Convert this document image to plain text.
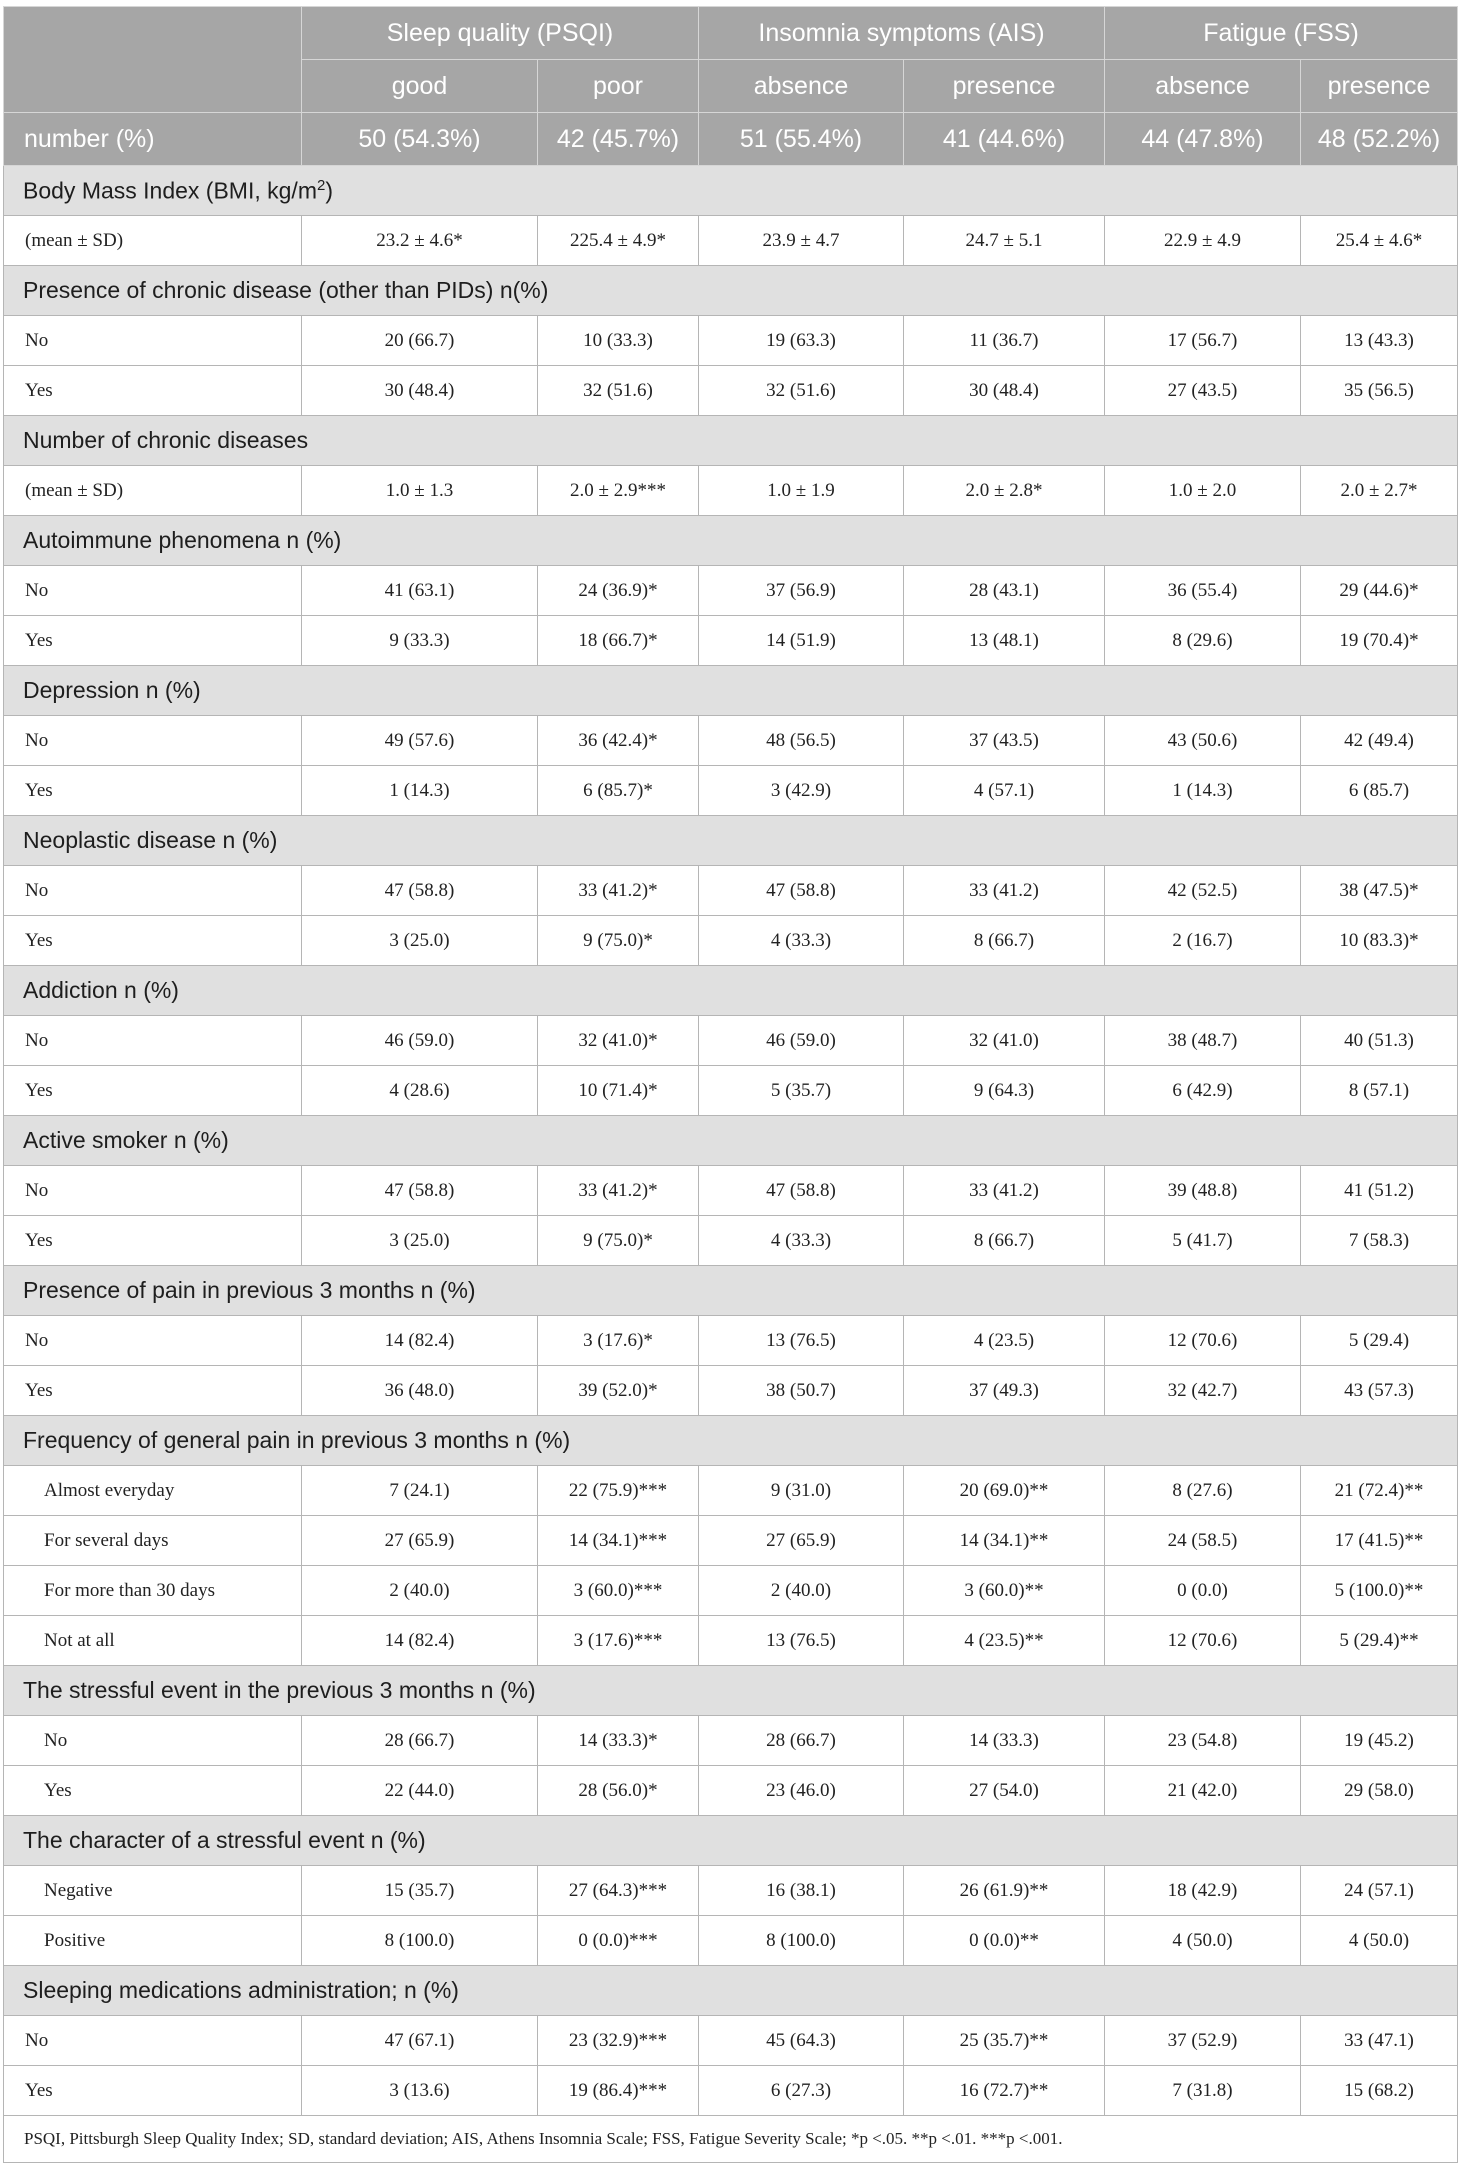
	Sleep quality (PSQI)		Insomnia symptoms (AIS)		Fatigue (FSS)	
	good	poor	absence	presence	absence	presence
number (%)	50 (54.3%)	42 (45.7%)	51 (55.4%)	41 (44.6%)	44 (47.8%)	48 (52.2%)
Body Mass Index (BMI, $kg/m^2$)						
(mean ± SD)	23.2 ± 4.6*	225.4 ± 4.9*	23.9 ± 4.7	24.7 ± 5.1	22.9 ± 4.9	25.4 ± 4.6*
Presence of chronic disease (other than PIDs) n(%)						
No	20 (66.7)	10 (33.3)	19 (63.3)	11 (36.7)	17 (56.7)	13 (43.3)
Yes	30 (48.4)	32 (51.6)	32 (51.6)	30 (48.4)	27 (43.5)	35 (56.5)
Number of chronic diseases						
(mean ± SD)	1.0 ± 1.3	2.0 ± 2.9***	1.0 ± 1.9	2.0 ± 2.8*	1.0 ± 2.0	2.0 ± 2.7*
Autoimmune phenomena n (%)						
No	41 (63.1)	24 (36.9)*	37 (56.9)	28 (43.1)	36 (55.4)	29 (44.6)*
Yes	9 (33.3)	18 (66.7)*	14 (51.9)	13 (48.1)	8 (29.6)	19 (70.4)*
Depression n (%)						
No	49 (57.6)	36 (42.4)*	48 (56.5)	37 (43.5)	43 (50.6)	42 (49.4)
Yes	1 (14.3)	6 (85.7)*	3 (42.9)	4 (57.1)	1 (14.3)	6 (85.7)
Neoplastic disease n (%)						
No	47 (58.8)	33 (41.2)*	47 (58.8)	33 (41.2)	42 (52.5)	38 (47.5)*
Yes	3 (25.0)	9 (75.0)*	4 (33.3)	8 (66.7)	2 (16.7)	10 (83.3)*
Addiction n (%)						
No	46 (59.0)	32 (41.0)*	46 (59.0)	32 (41.0)	38 (48.7)	40 (51.3)
Yes	4 (28.6)	10 (71.4)*	5 (35.7)	9 (64.3)	6 (42.9)	8 (57.1)
Active smoker n (%)						
No	47 (58.8)	33 (41.2)*	47 (58.8)	33 (41.2)	39 (48.8)	41 (51.2)
Yes	3 (25.0)	9 (75.0)*	4 (33.3)	8 (66.7)	5 (41.7)	7 (58.3)
Presence of pain in previous 3 months n (%)						
No	14 (82.4)	3 (17.6)*	13 (76.5)	4 (23.5)	12 (70.6)	5 (29.4)
Yes	36 (48.0)	39 (52.0)*	38 (50.7)	37 (49.3)	32 (42.7)	43 (57.3)
Frequency of general pain in previous 3 months n (%)						
Almost everyday	7 (24.1)	22 (75.9)***	9 (31.0)	20 (69.0)**	8 (27.6)	21 (72.4)**
For several days	27 (65.9)	14 (34.1)***	27 (65.9)	14 (34.1)**	24 (58.5)	17 (41.5)**
For more than 30 days	2 (40.0)	3 (60.0)***	2 (40.0)	3 (60.0)**	0 (0.0)	5 (100.0)**
Not at all	14 (82.4)	3 (17.6)***	13 (76.5)	4 (23.5)**	12 (70.6)	5 (29.4)**
The stressful event in the previous 3 months n (%)						
No	28 (66.7)	14 (33.3)*	28 (66.7)	14 (33.3)	23 (54.8)	19 (45.2)
Yes	22 (44.0)	28 (56.0)*	23 (46.0)	27 (54.0)	21 (42.0)	29 (58.0)
The character of a stressful event n (%)						
Negative	15 (35.7)	27 (64.3)***	16 (38.1)	26 (61.9)**	18 (42.9)	24 (57.1)
Positive	8 (100.0)	0 (0.0)***	8 (100.0)	0 (0.0)**	4 (50.0)	4 (50.0)
Sleeping medications administration; n (%)						
No	47 (67.1)	23 (32.9)***	45 (64.3)	25 (35.7)**	37 (52.9)	33 (47.1)
Yes	3 (13.6)	19 (86.4)***	6 (27.3)	16 (72.7)**	7 (31.8)	15 (68.2)
PSQI, Pittsburgh Sleep Quality Index; SD, standard deviation; AIS, Athens Insomnia Scale; FSS, Fatigue Severity Scale; *p <.05. **p <.01. ***p <.001.						
